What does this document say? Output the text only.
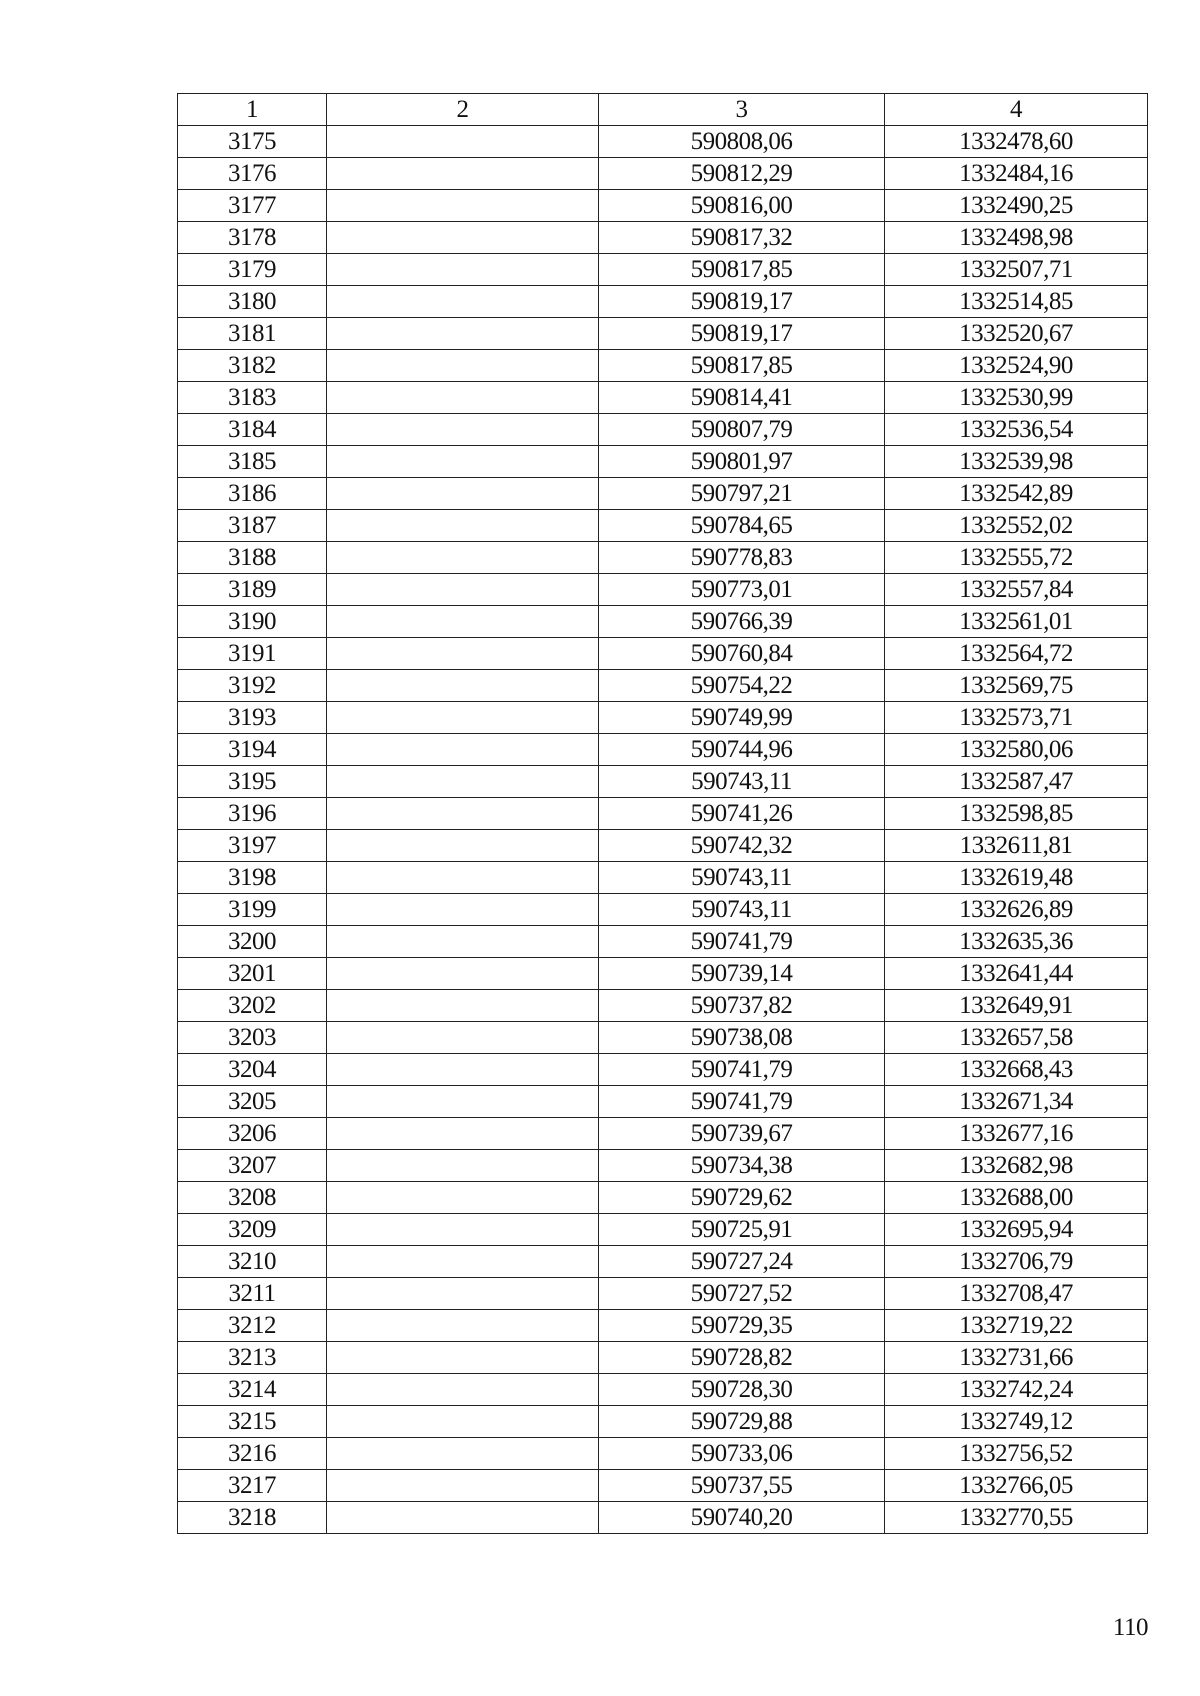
1	2	3	4
3175		590808,06	1332478,60
3176		590812,29	1332484,16
3177		590816,00	1332490,25
3178		590817,32	1332498,98
3179		590817,85	1332507,71
3180		590819,17	1332514,85
3181		590819,17	1332520,67
3182		590817,85	1332524,90
3183		590814,41	1332530,99
3184		590807,79	1332536,54
3185		590801,97	1332539,98
3186		590797,21	1332542,89
3187		590784,65	1332552,02
3188		590778,83	1332555,72
3189		590773,01	1332557,84
3190		590766,39	1332561,01
3191		590760,84	1332564,72
3192		590754,22	1332569,75
3193		590749,99	1332573,71
3194		590744,96	1332580,06
3195		590743,11	1332587,47
3196		590741,26	1332598,85
3197		590742,32	1332611,81
3198		590743,11	1332619,48
3199		590743,11	1332626,89
3200		590741,79	1332635,36
3201		590739,14	1332641,44
3202		590737,82	1332649,91
3203		590738,08	1332657,58
3204		590741,79	1332668,43
3205		590741,79	1332671,34
3206		590739,67	1332677,16
3207		590734,38	1332682,98
3208		590729,62	1332688,00
3209		590725,91	1332695,94
3210		590727,24	1332706,79
3211		590727,52	1332708,47
3212		590729,35	1332719,22
3213		590728,82	1332731,66
3214		590728,30	1332742,24
3215		590729,88	1332749,12
3216		590733,06	1332756,52
3217		590737,55	1332766,05
3218		590740,20	1332770,55
110
